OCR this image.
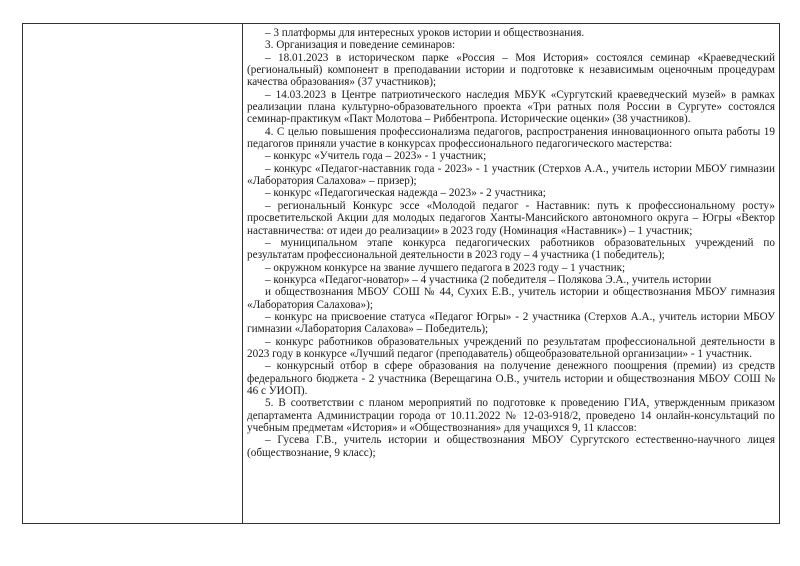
– 3 платформы для интересных уроков истории и обществознания.

3. Организация и поведение семинаров:

– 18.01.2023 в историческом парке «Россия – Моя История» состоялся семинар «Краеведческий (региональный) компонент в преподавании истории и подготовке к независимым оценочным процедурам качества образования» (37 участников);

– 14.03.2023 в Центре патриотического наследия МБУК «Сургутский краеведческий музей» в рамках реализации плана культурно-образовательного проекта «Три ратных поля России в Сургуте» состоялся семинар-практикум «Пакт Молотова – Риббентропа. Исторические оценки» (38 участников).

4. С целью повышения профессионализма педагогов, распространения инновационного опыта работы 19 педагогов приняли участие в конкурсах профессионального педагогического мастерства:

– конкурс «Учитель года – 2023» - 1 участник;

– конкурс «Педагог-наставник года - 2023» - 1 участник (Стерхов А.А., учитель истории МБОУ гимназии «Лаборатория Салахова» – призер);

– конкурс «Педагогическая надежда – 2023» - 2 участника;

– региональный Конкурс эссе «Молодой педагог - Наставник: путь к профессиональному росту» просветительской Акции для молодых педагогов Ханты-Мансийского автономного округа – Югры «Вектор наставничества: от идеи до реализации» в 2023 году (Номинация «Наставник») – 1 участник;

– муниципальном этапе конкурса педагогических работников образовательных учреждений по результатам профессиональной деятельности в 2023 году – 4 участника (1 победитель);

– окружном конкурсе на звание лучшего педагога в 2023 году – 1 участник;

– конкурса «Педагог-новатор» – 4 участника (2 победителя – Полякова Э.А., учитель истории

и обществознания МБОУ СОШ № 44, Сухих Е.В., учитель истории и обществознания МБОУ гимназия «Лаборатория Салахова»);

– конкурс на присвоение статуса «Педагог Югры» - 2 участника (Стерхов А.А., учитель истории МБОУ гимназии «Лаборатория Салахова» – Победитель);

– конкурс работников образовательных учреждений по результатам профессиональной деятельности в 2023 году в конкурсе «Лучший педагог (преподаватель) общеобразовательной организации» - 1 участник.

– конкурсный отбор в сфере образования на получение денежного поощрения (премии) из средств федерального бюджета - 2 участника (Верещагина О.В., учитель истории и обществознания МБОУ СОШ № 46 с УИОП).

5. В соответствии с планом мероприятий по подготовке к проведению ГИА, утвержденным приказом департамента Администрации города от 10.11.2022 № 12-03-918/2, проведено 14 онлайн-консультаций по учебным предметам «История» и «Обществознания» для учащихся 9, 11 классов:

– Гусева Г.В., учитель истории и обществознания МБОУ Сургутского естественно-научного лицея (обществознание, 9 класс);
